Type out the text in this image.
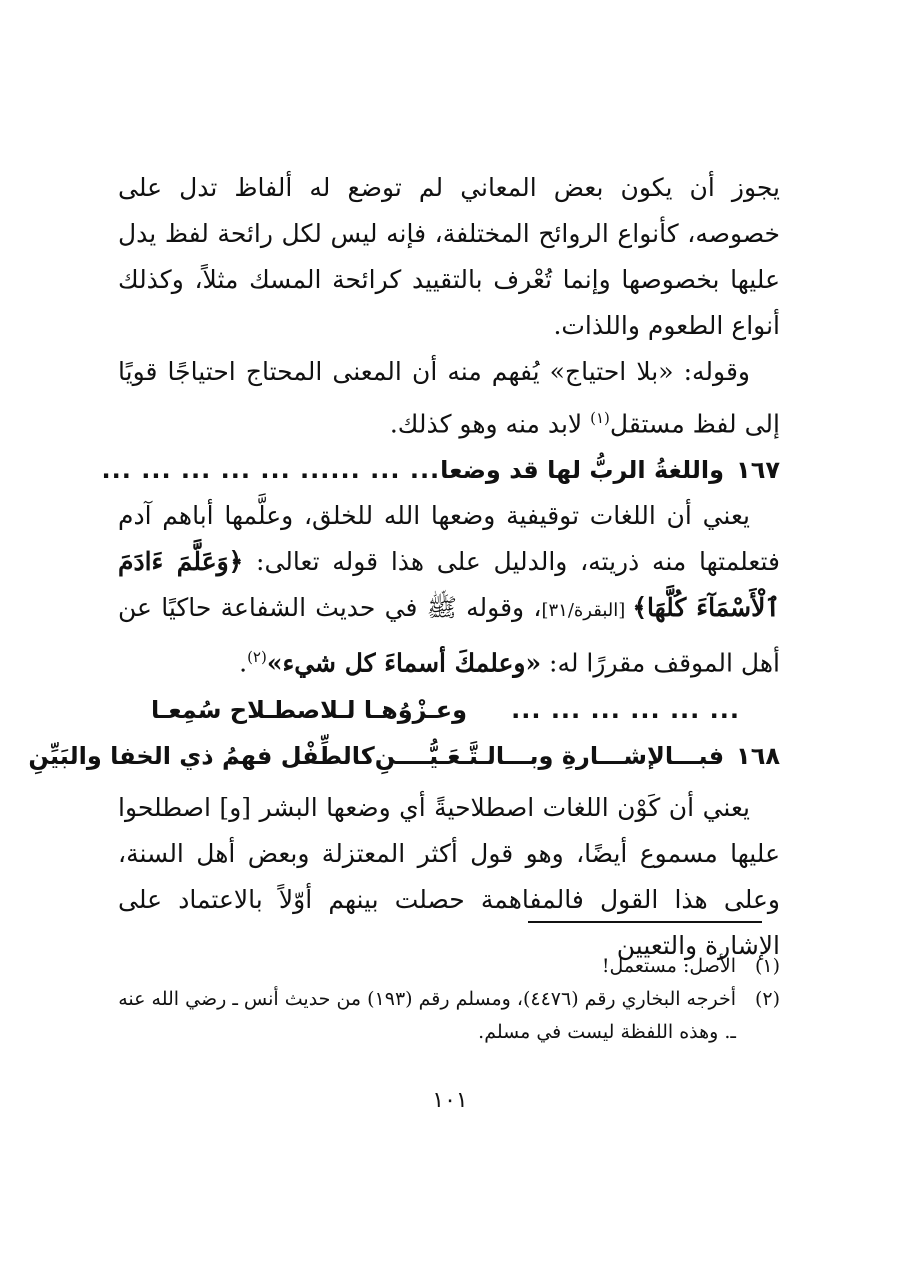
يجوز أن يكون بعض المعاني لم توضع له ألفاظ تدل على خصوصه، كأنواع الروائح المختلفة، فإنه ليس لكل رائحة لفظ يدل عليها بخصوصها وإنما تُعْرف بالتقييد كرائحة المسك مثلاً، وكذلك أنواع الطعوم واللذات.

وقوله: «بلا احتياج» يُفهم منه أن المعنى المحتاج احتياجًا قويًا إلى لفظ مستقل$^{(١)}$ لابد منه وهو كذلك.

١٦٧
واللغةُ الربُّ لها قد وضعا
... ... ...
... ... ... ... ... ...

يعني أن اللغات توقيفية وضعها الله للخلق، وعلَّمها أباهم آدم فتعلمتها منه ذريته، والدليل على هذا قوله تعالى: ﴿وَعَلَّمَ ءَادَمَ ٱلْأَسْمَآءَ كُلَّهَا﴾ [البقرة/٣١]، وقوله ﷺ في حديث الشفاعة حاكيًا عن أهل الموقف مقررًا له: «وعلمكَ أسماءَ كل شيء»$^{(٢)}$.

... ... ... ... ... ...
وعـزْوُهـا لـلاصطـلاح سُمِعـا
١٦٨
فبـــالإشـــارةِ وبـــالـتَّـعَـيُّــــنِ
كالطِّفْل فهمُ ذي الخفا والبَيِّنِ

يعني أن كَوْن اللغات اصطلاحيةً أي وضعها البشر [و] اصطلحوا عليها مسموع أيضًا، وهو قول أكثر المعتزلة وبعض أهل السنة، وعلى هذا القول فالمفاهمة حصلت بينهم أوّلاً بالاعتماد على الإشارة والتعيين

(١)
الأصل: مستعمل!
(٢)
أخرجه البخاري رقم (٤٤٧٦)، ومسلم رقم (١٩٣) من حديث أنس ـ رضي الله عنه ـ. وهذه اللفظة ليست في مسلم.
١٠١
